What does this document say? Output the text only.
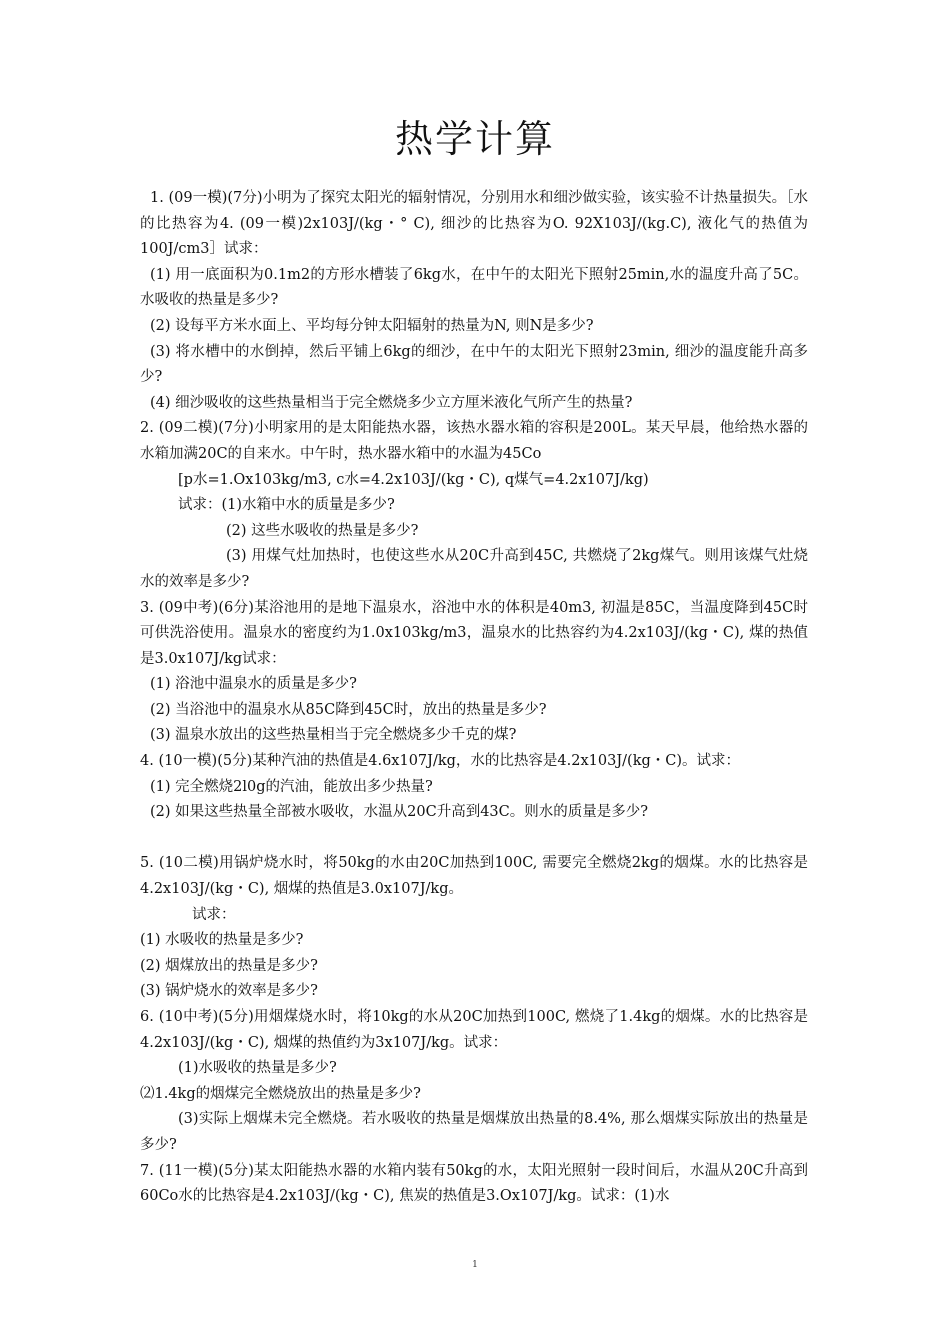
热学计算

1. (09一模)(7分)小明为了探究太阳光的辐射情况，分别用水和细沙做实验，该实验不计热量损失。［水的比热容为4. (09一模)2x103J/(kg・° C), 细沙的比热容为O. 92X103J/(kg.C), 液化气的热值为100J/cm3］试求：

(1) 用一底面积为0.1m2的方形水槽装了6kg水，在中午的太阳光下照射25min,水的温度升高了5C。水吸收的热量是多少?

(2) 设每平方米水面上、平均每分钟太阳辐射的热量为N, 则N是多少?

(3) 将水槽中的水倒掉，然后平铺上6kg的细沙，在中午的太阳光下照射23min, 细沙的温度能升高多少?

(4) 细沙吸收的这些热量相当于完全燃烧多少立方厘米液化气所产生的热量?

2. (09二模)(7分)小明家用的是太阳能热水器，该热水器水箱的容积是200L。某天早晨，他给热水器的水箱加满20C的自来水。中午时，热水器水箱中的水温为45Co

[p水=1.Ox103kg/m3, c水=4.2x103J/(kg・C), q煤气=4.2x107J/kg)

试求：(1)水箱中水的质量是多少?

(2) 这些水吸收的热量是多少?

(3) 用煤气灶加热时，也使这些水从20C升高到45C, 共燃烧了2kg煤气。则用该煤气灶烧水的效率是多少?

3. (09中考)(6分)某浴池用的是地下温泉水，浴池中水的体积是40m3, 初温是85C，当温度降到45C时可供洗浴使用。温泉水的密度约为1.0x103kg/m3，温泉水的比热容约为4.2x103J/(kg・C), 煤的热值是3.0x107J/kg试求：

(1) 浴池中温泉水的质量是多少?

(2) 当浴池中的温泉水从85C降到45C时，放出的热量是多少?

(3) 温泉水放出的这些热量相当于完全燃烧多少千克的煤?

4. (10一模)(5分)某种汽油的热值是4.6x107J/kg，水的比热容是4.2x103J/(kg・C)。试求：

(1) 完全燃烧2l0g的汽油，能放出多少热量?

(2) 如果这些热量全部被水吸收，水温从20C升高到43C。则水的质量是多少?

5. (10二模)用锅炉烧水时，将50kg的水由20C加热到100C, 需要完全燃烧2kg的烟煤。水的比热容是4.2x103J/(kg・C), 烟煤的热值是3.0x107J/kg。

试求：

(1) 水吸收的热量是多少?

(2) 烟煤放出的热量是多少?

(3) 锅炉烧水的效率是多少?

6. (10中考)(5分)用烟煤烧水时，将10kg的水从20C加热到100C, 燃烧了1.4kg的烟煤。水的比热容是4.2x103J/(kg・C), 烟煤的热值约为3x107J/kg。试求：

(1)水吸收的热量是多少?

⑵1.4kg的烟煤完全燃烧放出的热量是多少?

(3)实际上烟煤未完全燃烧。若水吸收的热量是烟煤放出热量的8.4%, 那么烟煤实际放出的热量是多少?

7. (11一模)(5分)某太阳能热水器的水箱内装有50kg的水，太阳光照射一段时间后，水温从20C升高到60Co水的比热容是4.2x103J/(kg・C), 焦炭的热值是3.Ox107J/kg。试求：(1)水

1
